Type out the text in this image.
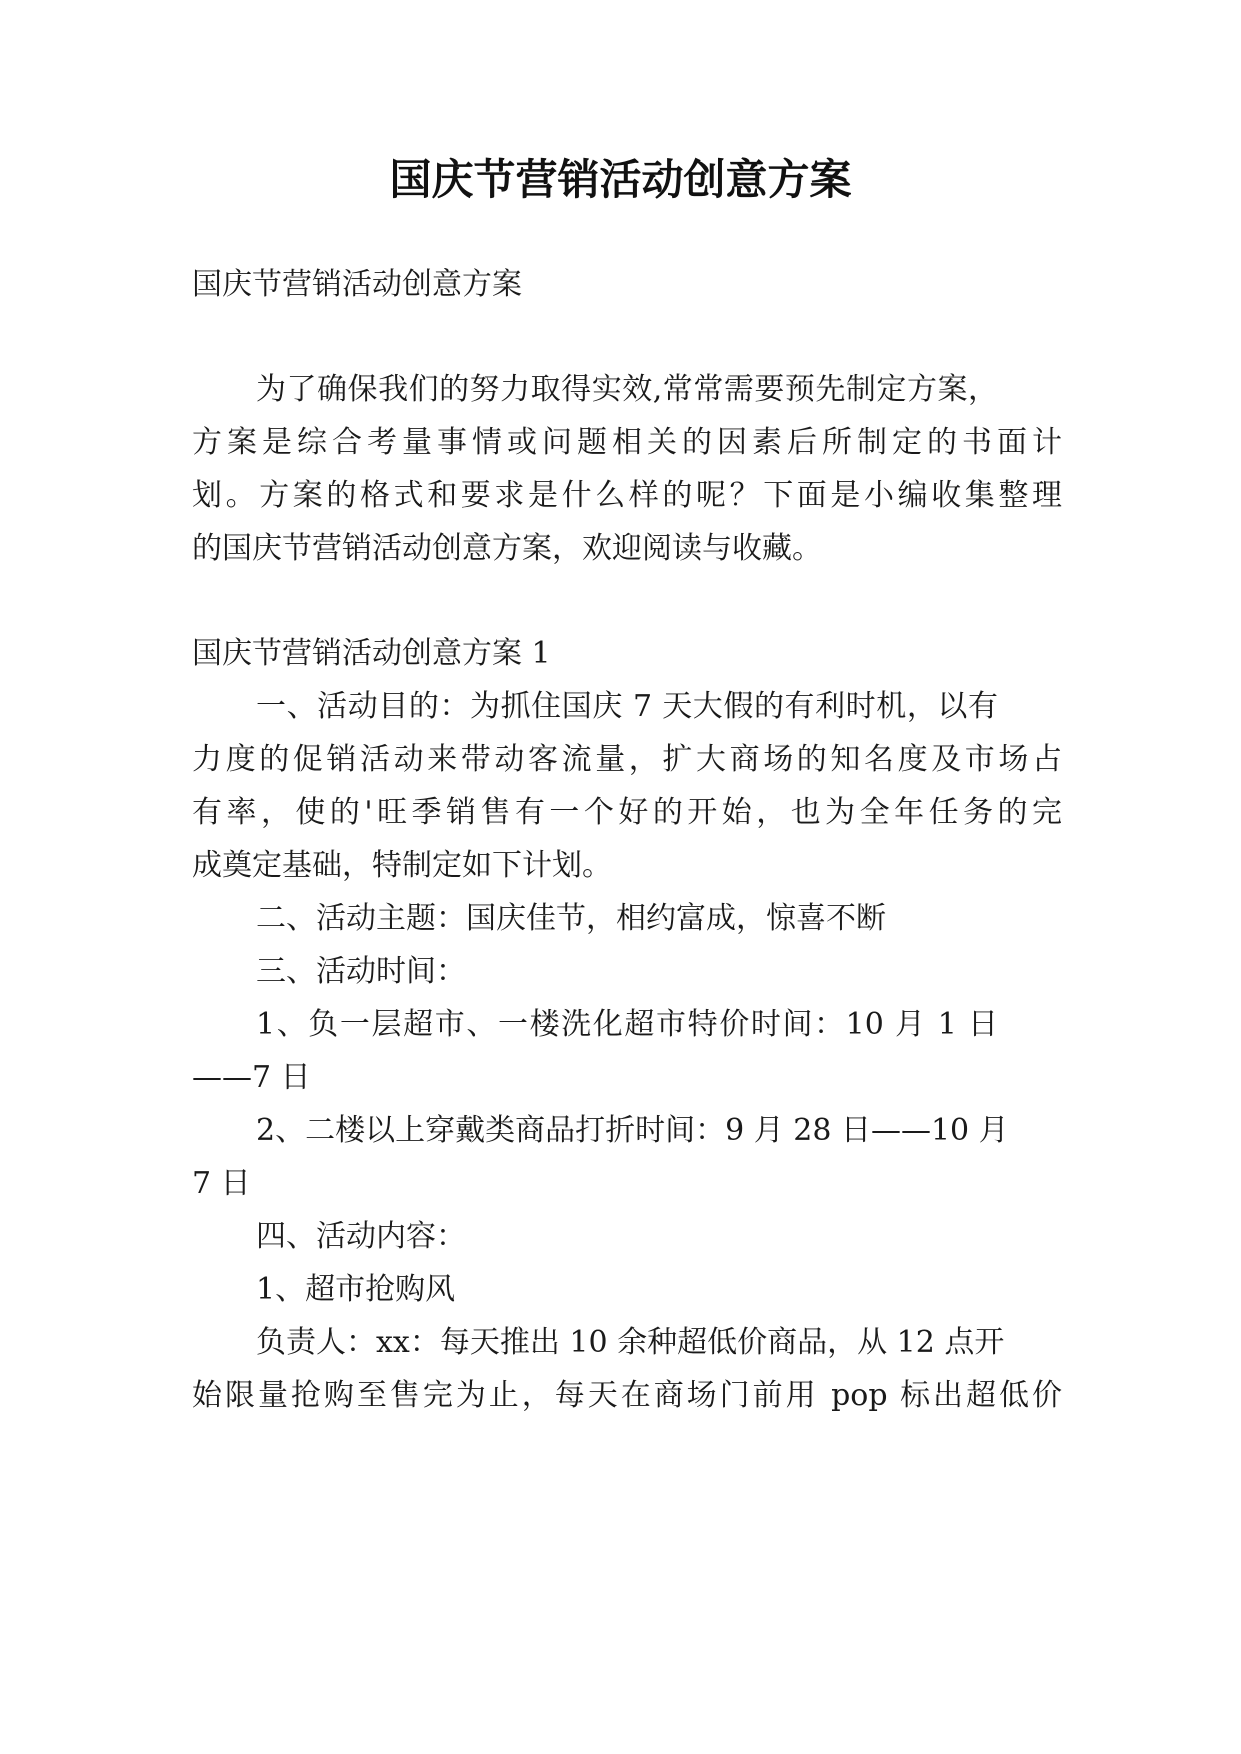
国庆节营销活动创意方案

国庆节营销活动创意方案

为了确保我们的努力取得实效,常常需要预先制定方案，

方案是综合考量事情或问题相关的因素后所制定的书面计

划。方案的格式和要求是什么样的呢？下面是小编收集整理

的国庆节营销活动创意方案，欢迎阅读与收藏。

国庆节营销活动创意方案 1

一、活动目的：为抓住国庆 7 天大假的有利时机，以有

力度的促销活动来带动客流量，扩大商场的知名度及市场占

有率，使的'旺季销售有一个好的开始，也为全年任务的完

成奠定基础，特制定如下计划。

二、活动主题：国庆佳节，相约富成，惊喜不断

三、活动时间：

1、负一层超市、一楼洗化超市特价时间：10 月 1 日

——7 日

2、二楼以上穿戴类商品打折时间：9 月 28 日——10 月

7 日

四、活动内容：

1、超市抢购风

负责人：xx：每天推出 10 余种超低价商品，从 12 点开

始限量抢购至售完为止，每天在商场门前用 pop 标出超低价
